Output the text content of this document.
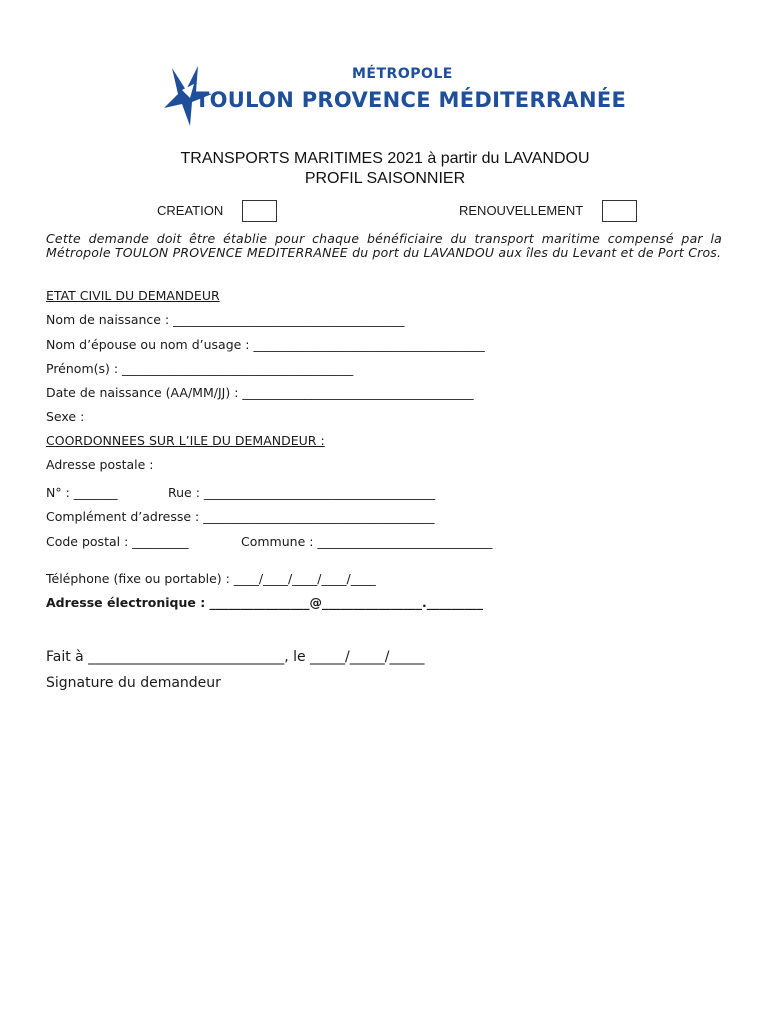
MÉTROPOLE
TOULON PROVENCE MÉDITERRANÉE
TRANSPORTS MARITIMES 2021 à partir du LAVANDOU
PROFIL SAISONNIER
CREATION	RENOUVELLEMENT
Cette demande doit être établie pour chaque bénéficiaire du transport maritime compensé par la Métropole TOULON PROVENCE MEDITERRANEE du port du LAVANDOU aux îles du Levant et de Port Cros.
ETAT CIVIL DU DEMANDEUR
Nom de naissance : _____________________________________
Nom d’épouse ou nom d’usage : _____________________________________
Prénom(s) : _____________________________________
Date de naissance (AA/MM/JJ) : _____________________________________
Sexe :
COORDONNEES SUR L’ILE DU DEMANDEUR :
Adresse postale :
N° : _______	Rue : _____________________________________
Complément d’adresse : _____________________________________
Code postal : _________	Commune : ____________________________
Téléphone (fixe ou portable) : ____/____/____/____/____
Adresse électronique : ________________@________________._________
Fait à ____________________________, le _____/_____/_____
Signature du demandeur
